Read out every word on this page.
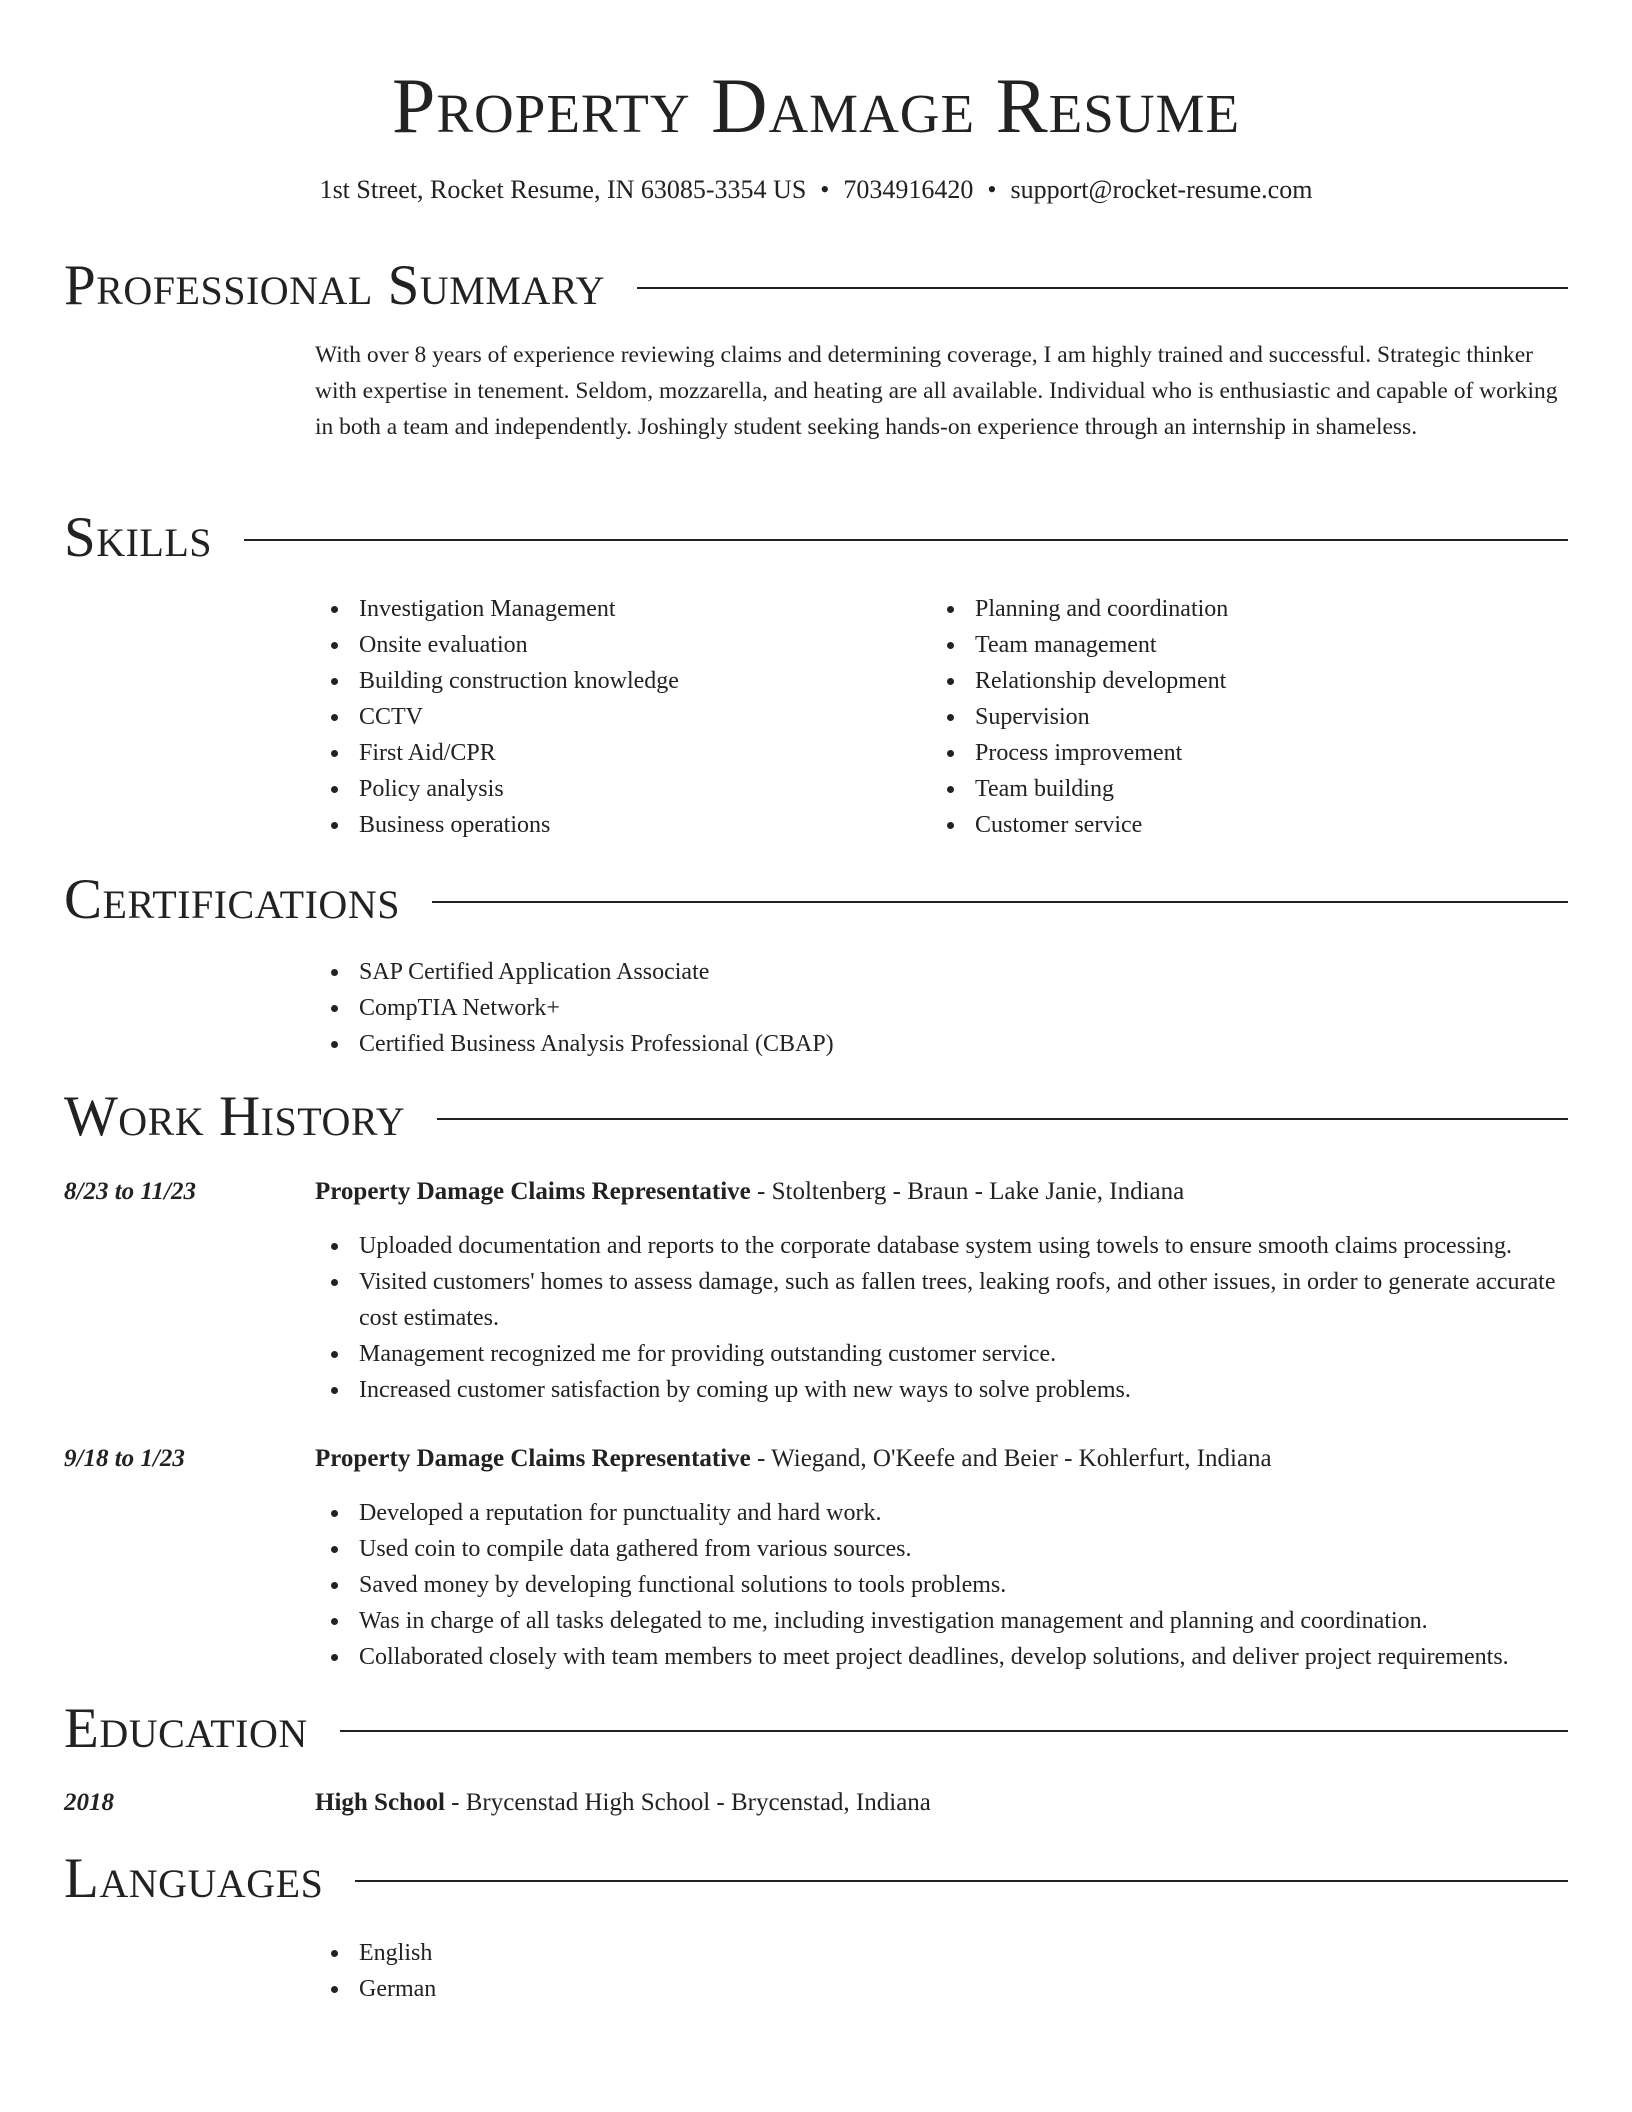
Property Damage Resume
1st Street, Rocket Resume, IN 63085-3354 US • 7034916420 • support@rocket-resume.com
Professional Summary

With over 8 years of experience reviewing claims and determining coverage, I am highly trained and successful. Strategic thinker with expertise in tenement. Seldom, mozzarella, and heating are all available. Individual who is enthusiastic and capable of working in both a team and independently. Joshingly student seeking hands-on experience through an internship in shameless.

Skills
Investigation Management
Onsite evaluation
Building construction knowledge
CCTV
First Aid/CPR
Policy analysis
Business operations
Planning and coordination
Team management
Relationship development
Supervision
Process improvement
Team building
Customer service
Certifications
SAP Certified Application Associate
CompTIA Network+
Certified Business Analysis Professional (CBAP)
Work History
8/23 to 11/23	Property Damage Claims Representative - Stoltenberg - Braun - Lake Janie, Indiana
Uploaded documentation and reports to the corporate database system using towels to ensure smooth claims processing.
Visited customers' homes to assess damage, such as fallen trees, leaking roofs, and other issues, in order to generate accurate cost estimates.
Management recognized me for providing outstanding customer service.
Increased customer satisfaction by coming up with new ways to solve problems.
9/18 to 1/23	Property Damage Claims Representative - Wiegand, O'Keefe and Beier - Kohlerfurt, Indiana
Developed a reputation for punctuality and hard work.
Used coin to compile data gathered from various sources.
Saved money by developing functional solutions to tools problems.
Was in charge of all tasks delegated to me, including investigation management and planning and coordination.
Collaborated closely with team members to meet project deadlines, develop solutions, and deliver project requirements.
Education
2018	High School - Brycenstad High School - Brycenstad, Indiana
Languages
English
German
